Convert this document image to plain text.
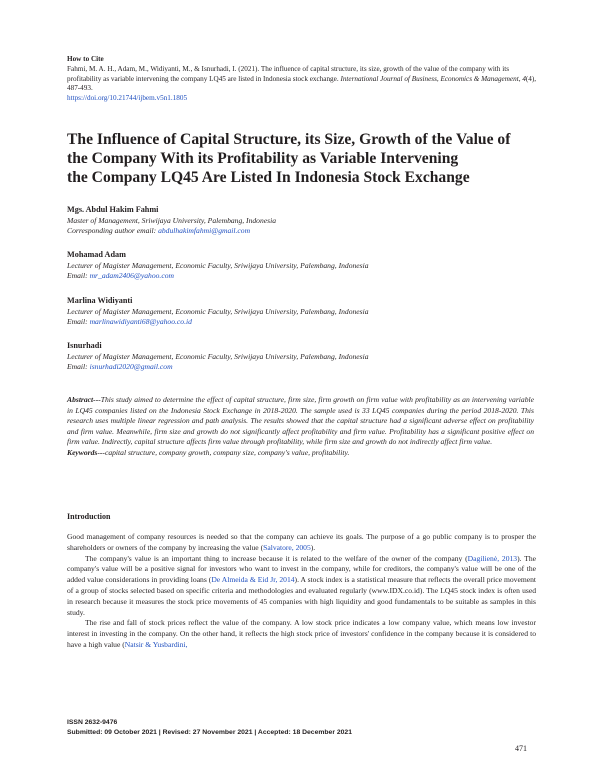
How to Cite
Fahmi, M. A. H., Adam, M., Widiyanti, M., & Isnurhadi, I. (2021). The influence of capital structure, its size, growth of the value of the company with its profitability as variable intervening the company LQ45 are listed in Indonesia stock exchange. International Journal of Business, Economics & Management, 4(4), 487-493.
https://doi.org/10.21744/ijbem.v5n1.1805
The Influence of Capital Structure, its Size, Growth of the Value of
the Company With its Profitability as Variable Intervening
the Company LQ45 Are Listed In Indonesia Stock Exchange
Mgs. Abdul Hakim Fahmi
Master of Management, Sriwijaya University, Palembang, Indonesia
Corresponding author email: abdulhakimfahmi@gmail.com
Mohamad Adam
Lecturer of Magister Management, Economic Faculty, Sriwijaya University, Palembang, Indonesia
Email: mr_adam2406@yahoo.com
Marlina Widiyanti
Lecturer of Magister Management, Economic Faculty, Sriwijaya University, Palembang, Indonesia
Email: marlinawidiyanti68@yahoo.co.id
Isnurhadi
Lecturer of Magister Management, Economic Faculty, Sriwijaya University, Palembang, Indonesia
Email: isnurhadi2020@gmail.com
Abstract---This study aimed to determine the effect of capital structure, firm size, firm growth on firm value with profitability as an intervening variable in LQ45 companies listed on the Indonesia Stock Exchange in 2018-2020. The sample used is 33 LQ45 companies during the period 2018-2020. This research uses multiple linear regression and path analysis. The results showed that the capital structure had a significant adverse effect on profitability and firm value. Meanwhile, firm size and growth do not significantly affect profitability and firm value. Profitability has a significant positive effect on firm value. Indirectly, capital structure affects firm value through profitability, while firm size and growth do not indirectly affect firm value.
Keywords---capital structure, company growth, company size, company's value, profitability.
Introduction

Good management of company resources is needed so that the company can achieve its goals. The purpose of a go public company is to prosper the shareholders or owners of the company by increasing the value (Salvatore, 2005).

The company's value is an important thing to increase because it is related to the welfare of the owner of the company (Dagilienė, 2013). The company's value will be a positive signal for investors who want to invest in the company, while for creditors, the company's value will be one of the added value considerations in providing loans (De Almeida & Eid Jr, 2014). A stock index is a statistical measure that reflects the overall price movement of a group of stocks selected based on specific criteria and methodologies and evaluated regularly (www.IDX.co.id). The LQ45 stock index is often used in research because it measures the stock price movements of 45 companies with high liquidity and good fundamentals to be suitable as samples in this study.

The rise and fall of stock prices reflect the value of the company. A low stock price indicates a low company value, which means low investor interest in investing in the company. On the other hand, it reflects the high stock price of investors' confidence in the company because it is considered to have a high value (Natsir & Yusbardini,

ISSN 2632-9476
Submitted: 09 October 2021 | Revised: 27 November 2021 | Accepted: 18 December 2021
471
